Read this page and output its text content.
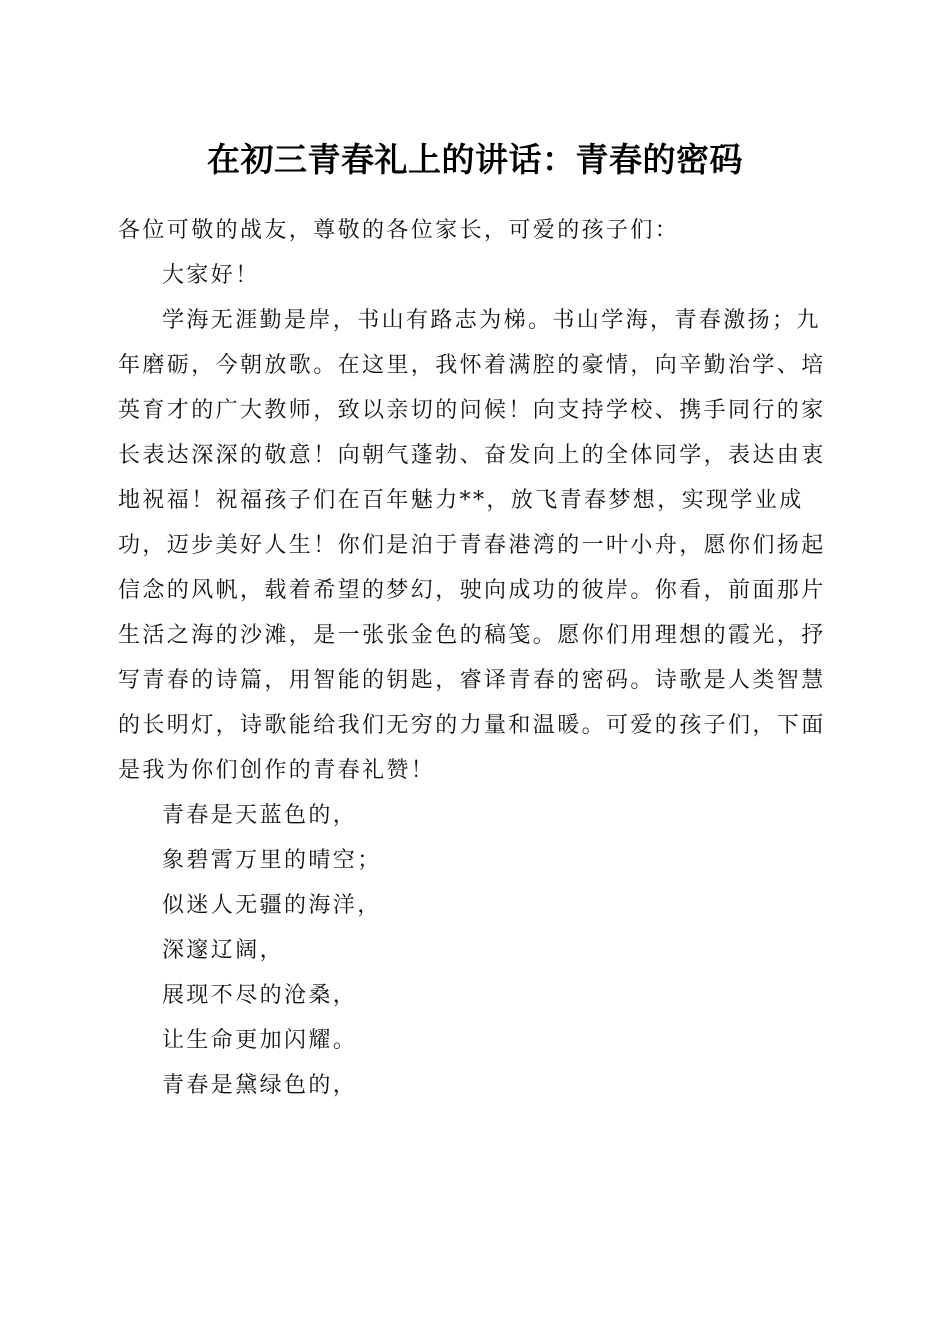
在初三青春礼上的讲话：青春的密码

各位可敬的战友，尊敬的各位家长，可爱的孩子们：

大家好！

学海无涯勤是岸，书山有路志为梯。书山学海，青春激扬；九年磨砺，今朝放歌。在这里，我怀着满腔的豪情，向辛勤治学、培英育才的广大教师，致以亲切的问候！向支持学校、携手同行的家长表达深深的敬意！向朝气蓬勃、奋发向上的全体同学，表达由衷地祝福！祝福孩子们在百年魅力**，放飞青春梦想，实现学业成功，迈步美好人生！你们是泊于青春港湾的一叶小舟，愿你们扬起信念的风帆，载着希望的梦幻，驶向成功的彼岸。你看，前面那片生活之海的沙滩，是一张张金色的稿笺。愿你们用理想的霞光，抒写青春的诗篇，用智能的钥匙，睿译青春的密码。诗歌是人类智慧的长明灯，诗歌能给我们无穷的力量和温暖。可爱的孩子们，下面是我为你们创作的青春礼赞！

青春是天蓝色的，

象碧霄万里的晴空；

似迷人无疆的海洋，

深邃辽阔，

展现不尽的沧桑，

让生命更加闪耀。

青春是黛绿色的，
